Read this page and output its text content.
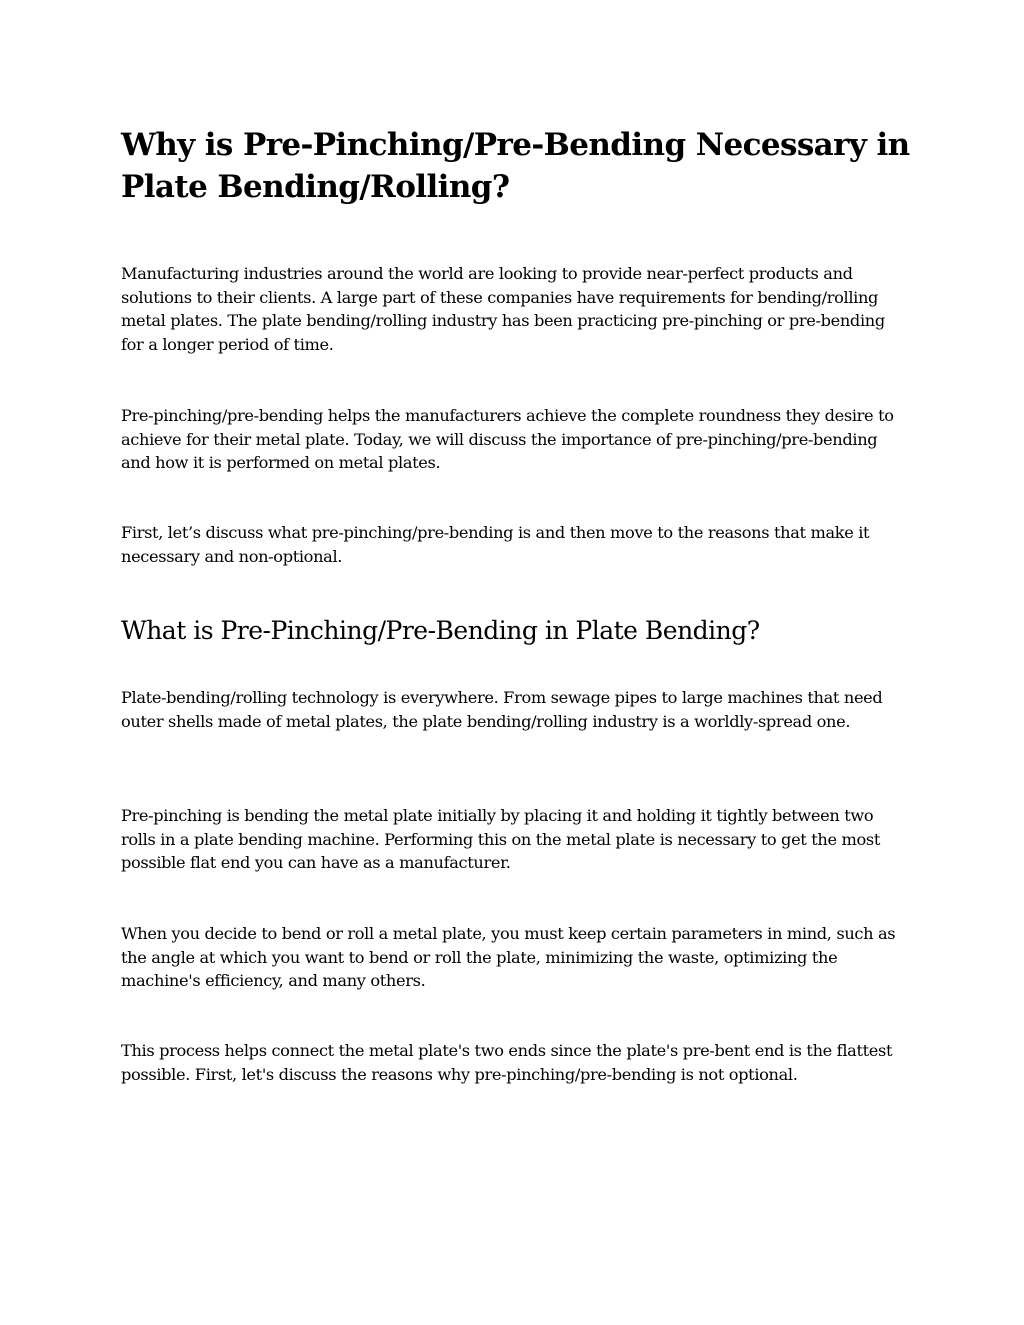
Why is Pre-Pinching/Pre-Bending Necessary in Plate Bending/Rolling?

Manufacturing industries around the world are looking to provide near-perfect products and solutions to their clients. A large part of these companies have requirements for bending/rolling metal plates. The plate bending/rolling industry has been practicing pre-pinching or pre-bending for a longer period of time.

Pre-pinching/pre-bending helps the manufacturers achieve the complete roundness they desire to achieve for their metal plate. Today, we will discuss the importance of pre-pinching/pre-bending and how it is performed on metal plates.

First, let’s discuss what pre-pinching/pre-bending is and then move to the reasons that make it necessary and non-optional.

What is Pre-Pinching/Pre-Bending in Plate Bending?

Plate-bending/rolling technology is everywhere. From sewage pipes to large machines that need outer shells made of metal plates, the plate bending/rolling industry is a worldly-spread one.

Pre-pinching is bending the metal plate initially by placing it and holding it tightly between two rolls in a plate bending machine. Performing this on the metal plate is necessary to get the most possible flat end you can have as a manufacturer.

When you decide to bend or roll a metal plate, you must keep certain parameters in mind, such as the angle at which you want to bend or roll the plate, minimizing the waste, optimizing the machine's efficiency, and many others.

This process helps connect the metal plate's two ends since the plate's pre-bent end is the flattest possible. First, let's discuss the reasons why pre-pinching/pre-bending is not optional.
